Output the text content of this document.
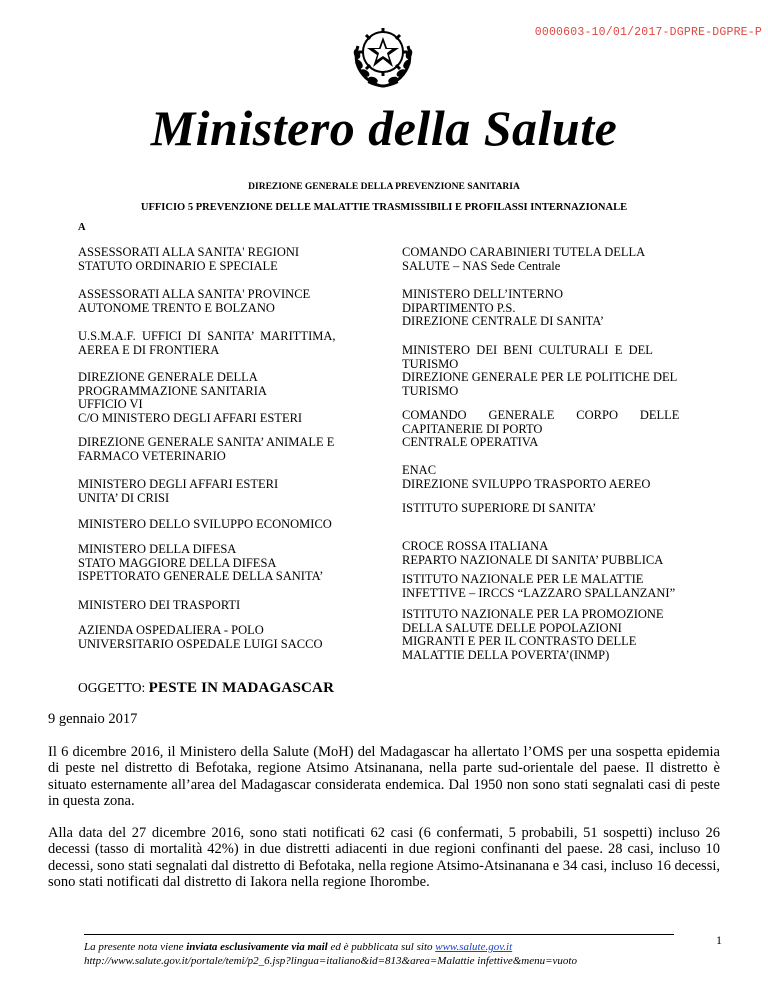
0000603-10/01/2017-DGPRE-DGPRE-P
Ministero della Salute
DIREZIONE GENERALE DELLA PREVENZIONE SANITARIA
UFFICIO 5 PREVENZIONE DELLE MALATTIE TRASMISSIBILI E PROFILASSI INTERNAZIONALE
A
ASSESSORATI ALLA SANITA' REGIONI
STATUTO ORDINARIO E SPECIALE
ASSESSORATI ALLA SANITA' PROVINCE
AUTONOME TRENTO E BOLZANO
U.S.M.A.F.  UFFICI  DI  SANITA’  MARITTIMA,
AEREA E DI FRONTIERA
DIREZIONE GENERALE DELLA
PROGRAMMAZIONE SANITARIA
UFFICIO VI
C/O MINISTERO DEGLI AFFARI ESTERI
DIREZIONE GENERALE SANITA’ ANIMALE E
FARMACO VETERINARIO
MINISTERO DEGLI AFFARI ESTERI
UNITA’ DI CRISI
MINISTERO DELLO SVILUPPO ECONOMICO
MINISTERO DELLA DIFESA
STATO MAGGIORE DELLA DIFESA
ISPETTORATO GENERALE DELLA SANITA’
MINISTERO DEI TRASPORTI
AZIENDA OSPEDALIERA - POLO
UNIVERSITARIO OSPEDALE LUIGI SACCO
COMANDO CARABINIERI TUTELA DELLA
SALUTE – NAS Sede Centrale
MINISTERO DELL’INTERNO
DIPARTIMENTO P.S.
DIREZIONE CENTRALE DI SANITA’
MINISTERO  DEI  BENI  CULTURALI  E  DEL
TURISMO
DIREZIONE GENERALE PER LE POLITICHE DEL
TURISMO
COMANDO       GENERALE       CORPO       DELLE
CAPITANERIE DI PORTO
CENTRALE OPERATIVA
ENAC
DIREZIONE SVILUPPO TRASPORTO AEREO
ISTITUTO SUPERIORE DI SANITA’
CROCE ROSSA ITALIANA
REPARTO NAZIONALE DI SANITA’ PUBBLICA
ISTITUTO NAZIONALE PER LE MALATTIE
INFETTIVE – IRCCS “LAZZARO SPALLANZANI”
ISTITUTO NAZIONALE PER LA PROMOZIONE
DELLA SALUTE DELLE POPOLAZIONI
MIGRANTI E PER IL CONTRASTO DELLE
MALATTIE DELLA POVERTA’(INMP)
OGGETTO: PESTE IN MADAGASCAR
9 gennaio 2017
Il 6 dicembre 2016, il Ministero della Salute (MoH) del Madagascar ha allertato l’OMS per una sospetta epidemia di peste nel distretto di Befotaka, regione Atsimo Atsinanana, nella parte sud-orientale del paese. Il distretto è situato esternamente all’area del Madagascar considerata endemica. Dal 1950 non sono stati segnalati casi di peste in questa zona.
Alla data del 27 dicembre 2016, sono stati notificati 62 casi (6 confermati, 5 probabili, 51 sospetti) incluso 26 decessi (tasso di mortalità 42%) in due distretti adiacenti in due regioni confinanti del paese. 28 casi, incluso 10 decessi, sono stati segnalati dal distretto di Befotaka, nella regione Atsimo-Atsinanana e 34 casi, incluso 16 decessi, sono stati notificati dal distretto di Iakora nella regione Ihorombe.
La presente nota viene inviata esclusivamente via mail ed è pubblicata sul sito www.salute.gov.it
http://www.salute.gov.it/portale/temi/p2_6.jsp?lingua=italiano&id=813&area=Malattie infettive&menu=vuoto
1
